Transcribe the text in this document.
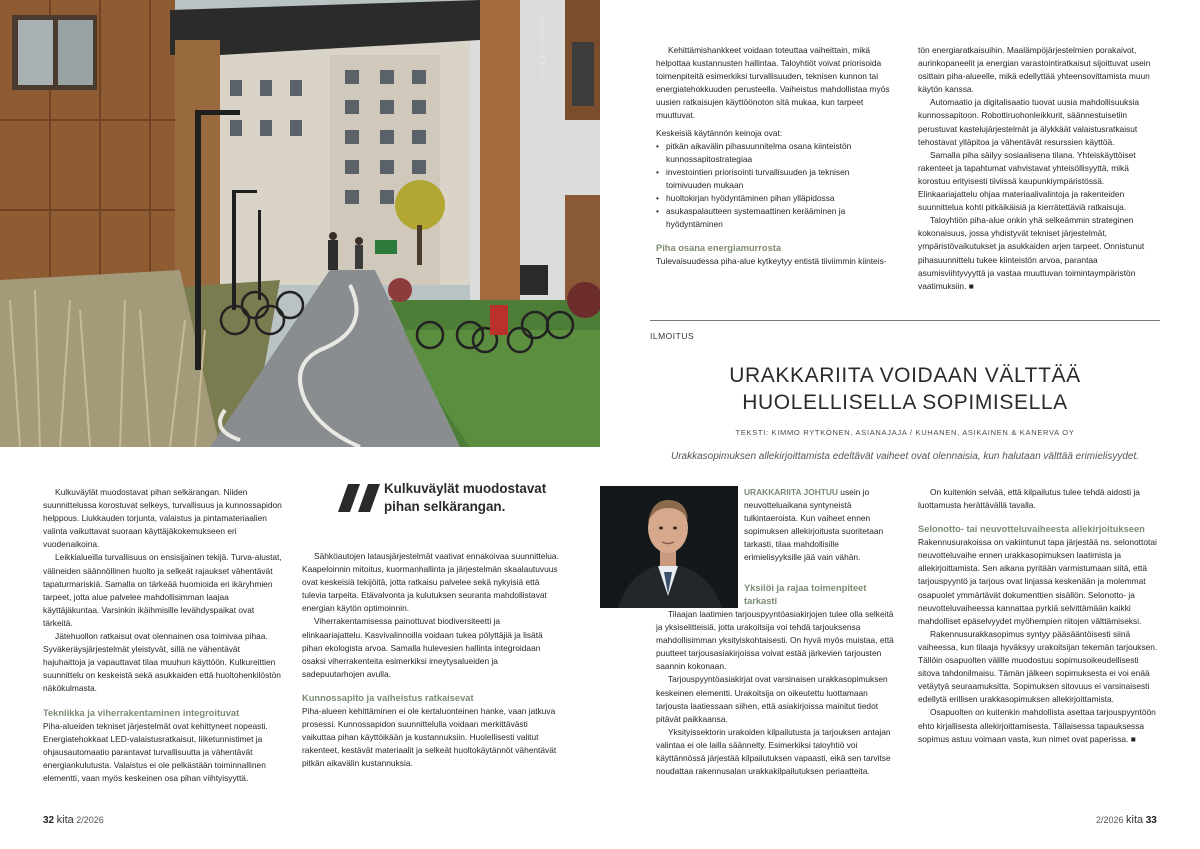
KUVA: PEKELS

Kulkuväylät muodostavat pihan selkärangan. Niiden suunnittelussa korostuvat selkeys, turvallisuus ja kunnossapidon helppous. Liukkauden torjunta, valaistus ja pintamateriaalien valinta vaikuttavat suoraan käyttäjäkokemukseen eri vuodenaikoina.

Leikkialueilla turvallisuus on ensisijainen tekijä. Turva-alustat, välineiden säännöllinen huolto ja selkeät rajaukset vähentävät tapaturmariskiä. Samalla on tärkeää huomioida eri ikäryhmien tarpeet, jotta alue palvelee mahdollisimman laajaa käyttäjäkuntaa. Varsinkin ikäihmisille levähdyspaikat ovat tärkeitä.

Jätehuollon ratkaisut ovat olennainen osa toimivaa pihaa. Syväkeräysjärjestelmät yleistyvät, sillä ne vähentävät hajuhaittoja ja vapauttavat tilaa muuhun käyttöön. Kulkureittien suunnittelu on keskeistä sekä asukkaiden että huoltohenkilöstön näkökulmasta.

Tekniikka ja viherrakentaminen integroituvat

Piha-alueiden tekniset järjestelmät ovat kehittyneet nopeasti. Energiatehokkaat LED-valaistusratkaisut, liiketunnistimet ja ohjausautomaatio parantavat turvallisuutta ja vähentävät energiankulutusta. Valaistus ei ole pelkästään toiminnallinen elementti, vaan myös keskeinen osa pihan viihtyisyyttä.

Kulkuväylät muodostavat pihan selkärangan.

Sähköautojen latausjärjestelmät vaativat ennakoivaa suunnittelua. Kaapeloinnin mitoitus, kuormanhallinta ja järjestelmän skaalautuvuus ovat keskeisiä tekijöitä, jotta ratkaisu palvelee sekä nykyisiä että tulevia tarpeita. Etävalvonta ja kulutuksen seuranta mahdollistavat energian käytön optimoinnin.

Viherrakentamisessa painottuvat biodiversiteetti ja elinkaariajattelu. Kasvivalinnoilla voidaan tukea pölyttäjiä ja lisätä pihan ekologista arvoa. Samalla hulevesien hallinta integroidaan osaksi viherrakenteita esimerkiksi imeytysalueiden ja sadepuutarhojen avulla.

Kunnossapito ja vaiheistus ratkaisevat

Piha-alueen kehittäminen ei ole kertaluonteinen hanke, vaan jatkuva prosessi. Kunnossapidon suunnittelulla voidaan merkittävästi vaikuttaa pihan käyttöikään ja kustannuksiin. Huolellisesti valitut rakenteet, kestävät materiaalit ja selkeät huoltokäytännöt vähentävät pitkän aikavälin kustannuksia.

Kehittämishankkeet voidaan toteuttaa vaiheittain, mikä helpottaa kustannusten hallintaa. Taloyhtiöt voivat priorisoida toimenpiteitä esimerkiksi turvallisuuden, teknisen kunnon tai energiatehokkuuden perusteella. Vaiheistus mahdollistaa myös uusien ratkaisujen käyttöönoton sitä mukaa, kun tarpeet muuttuvat.

Keskeisiä käytännön keinoja ovat:

• pitkän aikavälin pihasuunnitelma osana kiinteistön kunnossapitostrategiaa
• investointien priorisointi turvallisuuden ja teknisen toimivuuden mukaan
• huoltokirjan hyödyntäminen pihan ylläpidossa
• asukaspalautteen systemaattinen kerääminen ja hyödyntäminen
Piha osana energiamurrosta

Tulevaisuudessa piha-alue kytkeytyy entistä tiiviimmin kiinteis-

tön energiaratkaisuihin. Maalämpöjärjestelmien porakaivot, aurinkopaneelit ja energian varastointiratkaisut sijoittuvat usein osittain piha-alueelle, mikä edellyttää yhteensovittamista muun käytön kanssa.

Automaatio ja digitalisaatio tuovat uusia mahdollisuuksia kunnossapitoon. Robottiruohonleikkurit, säännestuisetiin perustuvat kastelujärjestelmät ja älykkäät valaistusratkaisut tehostavat ylläpitoa ja vähentävät resurssien käyttöä.

Samalla piha säilyy sosiaalisena tilana. Yhteiskäyttöiset rakenteet ja tapahtumat vahvistavat yhteisöllisyyttä, mikä korostuu erityisesti tiiviissä kaupunkiympäristössä. Elinkaariajattelu ohjaa materiaalivalintoja ja rakenteiden suunnittelua kohti pitkäikäisiä ja kierrätettäviä ratkaisuja.

Taloyhtiön piha-alue onkin yhä selkeämmin strateginen kokonaisuus, jossa yhdistyvät tekniset järjestelmät, ympäristövaikutukset ja asukkaiden arjen tarpeet. Onnistunut pihasuunnittelu tukee kiinteistön arvoa, parantaa asumisviihtyvyyttä ja vastaa muuttuvan toimintaympäristön vaatimuksiin. ■

ILMOITUS
URAKKARIITA VOIDAAN VÄLTTÄÄ HUOLELLISELLA SOPIMISELLA
TEKSTI: KIMMO RYTKÖNEN, ASIANAJAJA / KUHANEN, ASIKAINEN & KANERVA OY
Urakkasopimuksen allekirjoittamista edeltävät vaiheet ovat olennaisia, kun halutaan välttää erimielisyydet.

URAKKARIITA JOHTUU usein jo neuvotteluaikana syntyneistä tulkintaeroista. Kun vaiheet ennen sopimuksen allekirjoitusta suoritetaan tarkasti, tilaa mahdollisille erimielisyyksille jää vain vähän.

Yksilöi ja rajaa toimenpiteet tarkasti

Tilaajan laatimien tarjouspyyntöasiakirjojen tulee olla selkeitä ja yksiselitteisiä, jotta urakoitsija voi tehdä tarjouksensa mahdollisimman yksityiskohtaisesti. On hyvä myös muistaa, että puutteet tarjousasiakirjoissa voivat estää järkevien tarjousten saannin kokonaan.

Tarjouspyyntöasiakirjat ovat varsinaisen urakkasopimuksen keskeinen elementti. Urakoitsija on oikeutettu luottamaan tarjousta laatiessaan siihen, että asiakirjoissa mainitut tiedot pitävät paikkaansa.

Yksityissektorin urakoiden kilpailutusta ja tarjouksen antajan valintaa ei ole laillа säännelty. Esimerkiksi taloyhtiö voi käyttännössä järjestää kilpailutuksen vapaasti, eikä sen tarvitse noudattaa rakennusalan urakkakilpailutuksen periaatteita.

On kuitenkin selvää, että kilpailutus tulee tehdä aidosti ja luottamusta herättävällä tavalla.

Selonotto- tai neuvotteluvaiheesta allekirjoitukseen

Rakennusurakoissa on vakiintunut tapa järjestää ns. selonottotai neuvotteluvaihe ennen urakkasopimuksen laatimista ja allekirjoittamista. Sen aikana pyritään varmistumaan siitä, että tarjouspyyntö ja tarjous ovat linjassa keskenään ja molemmat osapuolet ymmärtävät dokumenttien sisällön. Selonotto- ja neuvotteluvaiheessa kannattaa pyrkiä selvittämään kaikki mahdolliset epäselvyydet myöhempien riitojen välttämiseksi.

Rakennusurakkasopimus syntyy pääsääntöisesti siinä vaiheessa, kun tilaaja hyväksyy urakoitsijan tekemän tarjouksen. Tällöin osapuolten välille muodostuu sopimusoikeudellisesti sitova tahdonilmaisu. Tämän jälkeen sopimuksesta ei voi enää vetäytyä seuraamuksitta. Sopimuksen sitovuus ei varsinaisesti edellytä erillisen urakkasopimuksen allekirjoittamista.

Osapuolten on kuitenkin mahdollista asettaa tarjouspyyntöön ehto kirjallisesta allekirjoittamisesta. Tällaisessa tapauksessa sopimus astuu voimaan vasta, kun nimet ovat paperissa. ■

32 kita 2/2026	2/2026 kita 33
